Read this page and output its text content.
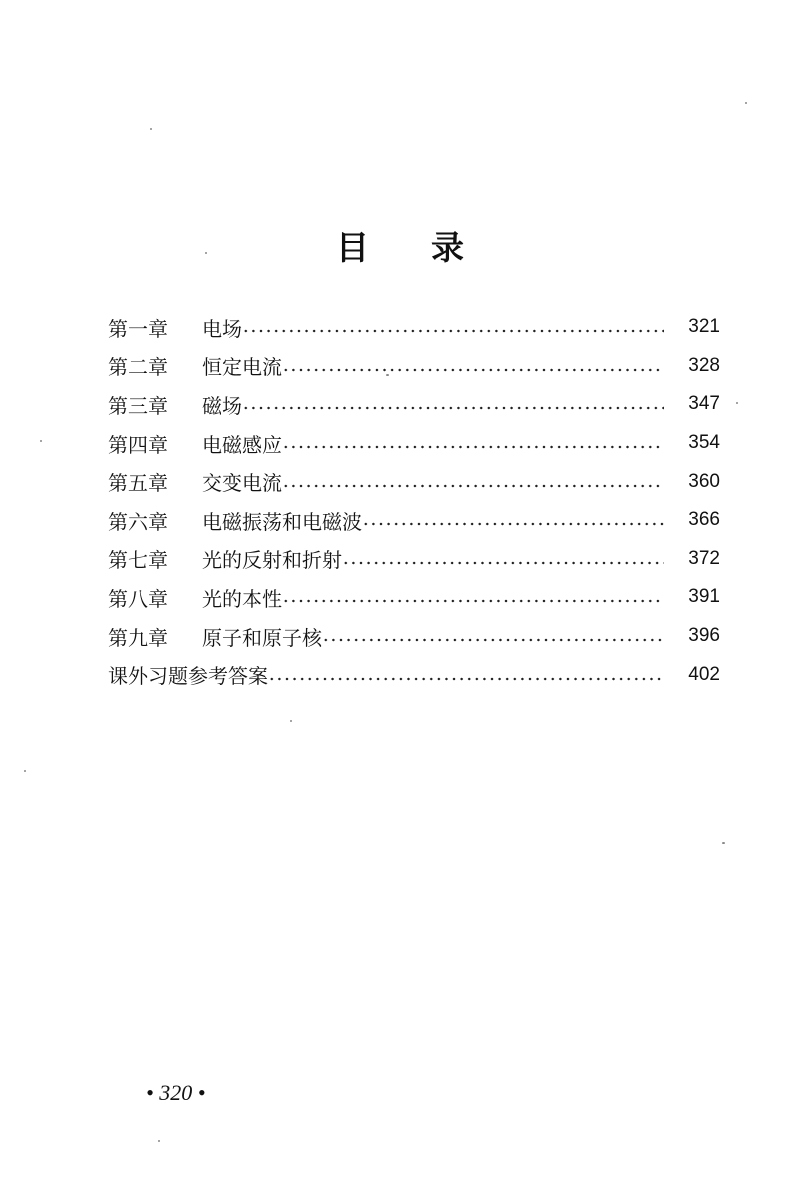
目 录
第一章	电场	321
第二章	恒定电流	328
第三章	磁场	347
第四章	电磁感应	354
第五章	交变电流	360
第六章	电磁振荡和电磁波	366
第七章	光的反射和折射	372
第八章	光的本性	391
第九章	原子和原子核	396
课外习题参考答案	402
• 320 •
